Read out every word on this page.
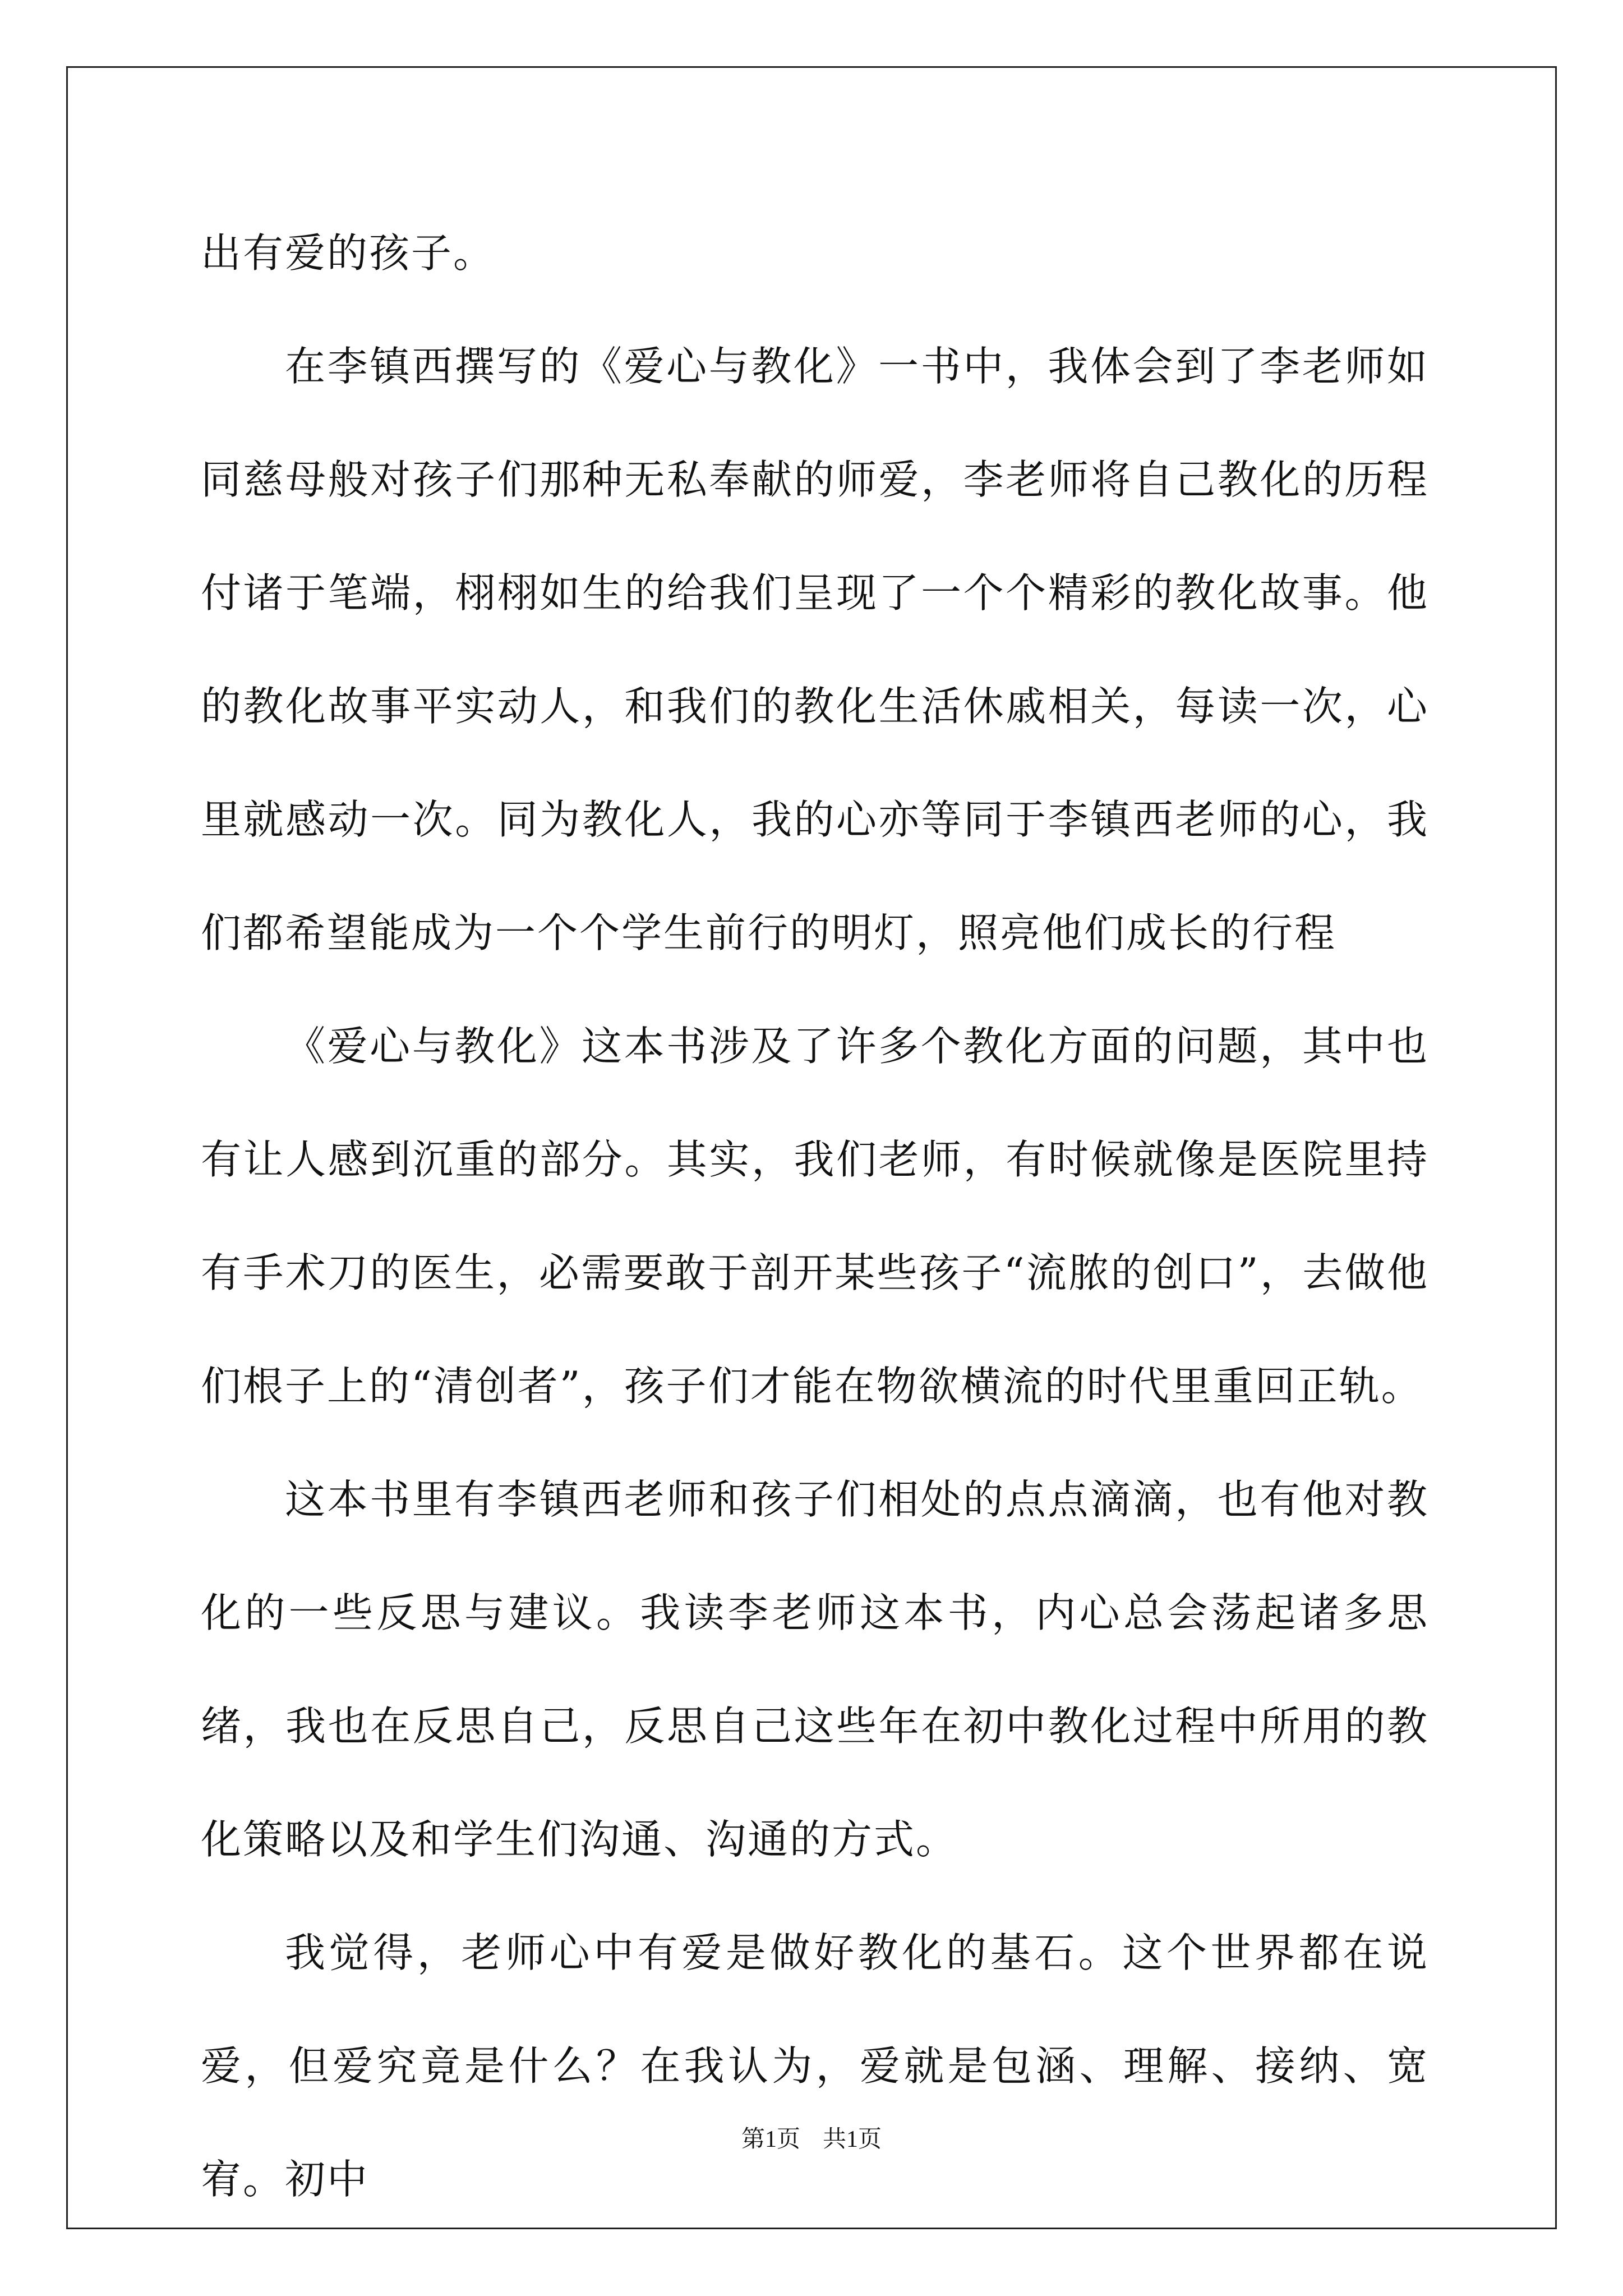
出有爱的孩子。

在李镇西撰写的《爱心与教化》一书中，我体会到了李老师如同慈母般对孩子们那种无私奉献的师爱，李老师将自己教化的历程付诸于笔端，栩栩如生的给我们呈现了一个个精彩的教化故事。他的教化故事平实动人，和我们的教化生活休戚相关，每读一次，心里就感动一次。同为教化人，我的心亦等同于李镇西老师的心，我们都希望能成为一个个学生前行的明灯，照亮他们成长的行程

《爱心与教化》这本书涉及了许多个教化方面的问题，其中也有让人感到沉重的部分。其实，我们老师，有时候就像是医院里持有手术刀的医生，必需要敢于剖开某些孩子“流脓的创口”，去做他们根子上的“清创者”，孩子们才能在物欲横流的时代里重回正轨。

这本书里有李镇西老师和孩子们相处的点点滴滴，也有他对教化的一些反思与建议。我读李老师这本书，内心总会荡起诸多思绪，我也在反思自己，反思自己这些年在初中教化过程中所用的教化策略以及和学生们沟通、沟通的方式。

我觉得，老师心中有爱是做好教化的基石。这个世界都在说爱，但爱究竟是什么？在我认为，爱就是包涵、理解、接纳、宽宥。初中

第1页 共1页
